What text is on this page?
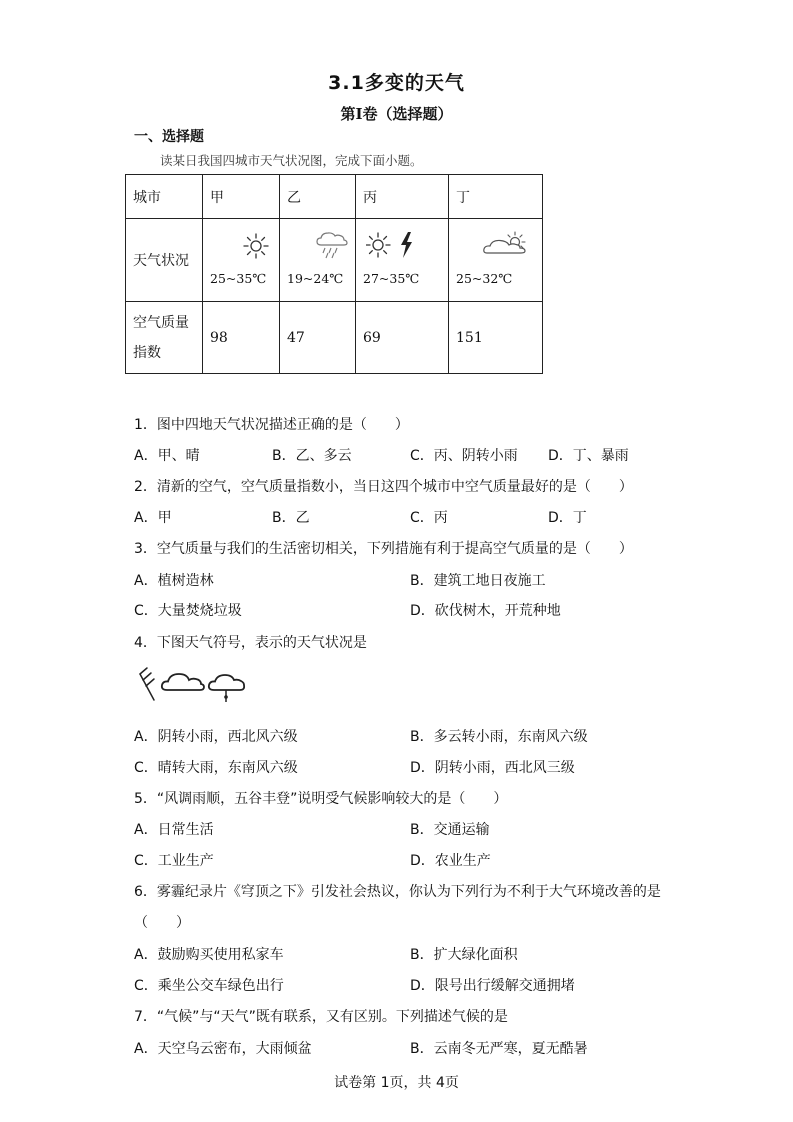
3.1多变的天气
第I卷（选择题）
一、选择题
读某日我国四城市天气状况图，完成下面小题。
城市	甲	乙	丙	丁
天气状况	25~35℃	19~24℃	27~35℃	25~32℃

空气质量
指数	98	47	69	151
1．图中四地天气状况描述正确的是（　　）
A．甲、晴	B．乙、多云	C．丙、阴转小雨 D．丁、暴雨
2．清新的空气，空气质量指数小，当日这四个城市中空气质量最好的是（　　）
A．甲	B．乙	C．丙	D．丁
3．空气质量与我们的生活密切相关，下列措施有利于提高空气质量的是（　　）
A．植树造林	B．建筑工地日夜施工
C．大量焚烧垃圾	D．砍伐树木，开荒种地
4．下图天气符号，表示的天气状况是
A．阴转小雨，西北风六级	B．多云转小雨，东南风六级
C．晴转大雨，东南风六级	D．阴转小雨，西北风三级
5．“风调雨顺，五谷丰登”说明受气候影响较大的是（　　）
A．日常生活	B．交通运输
C．工业生产	D．农业生产
6．雾霾纪录片《穹顶之下》引发社会热议，你认为下列行为不利于大气环境改善的是
（　　）
A．鼓励购买使用私家车	B．扩大绿化面积
C．乘坐公交车绿色出行	D．限号出行缓解交通拥堵
7．“气候”与“天气”既有联系，又有区别。下列描述气候的是
A．天空乌云密布，大雨倾盆	B．云南冬无严寒，夏无酷暑
试卷第 1页，共 4页
